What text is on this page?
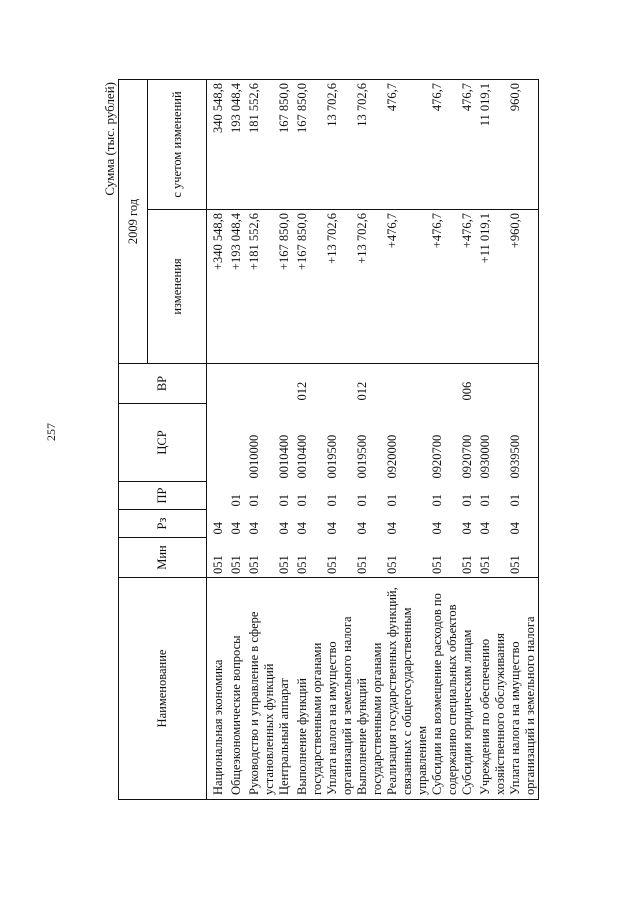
257
Сумма (тыс. рублей)
Наименование	Мин	Рз	ПР	ЦСР	ВР	2009 год	
						изменения	с учетом изменений
Национальная экономика	051	04				+340 548,8	340 548,8
Общеэкономические вопросы	051	04	01			+193 048,4	193 048,4
Руководство и управление в сфере установленных функций	051	04	01	0010000		+181 552,6	181 552,6
Центральный аппарат	051	04	01	0010400		+167 850,0	167 850,0
Выполнение функций государственными органами	051	04	01	0010400	012	+167 850,0	167 850,0
Уплата налога на имущество организаций и земельного налога	051	04	01	0019500		+13 702,6	13 702,6
Выполнение функций государственными органами	051	04	01	0019500	012	+13 702,6	13 702,6
Реализация государственных функций, связанных с общегосударственным управлением	051	04	01	0920000		+476,7	476,7
Субсидии на возмещение расходов по содержанию специальных объектов	051	04	01	0920700		+476,7	476,7
Субсидии юридическим лицам	051	04	01	0920700	006	+476,7	476,7
Учреждения по обеспечению хозяйственного обслуживания	051	04	01	0930000		+11 019,1	11 019,1
Уплата налога на имущество организаций и земельного налога	051	04	01	0939500		+960,0	960,0
